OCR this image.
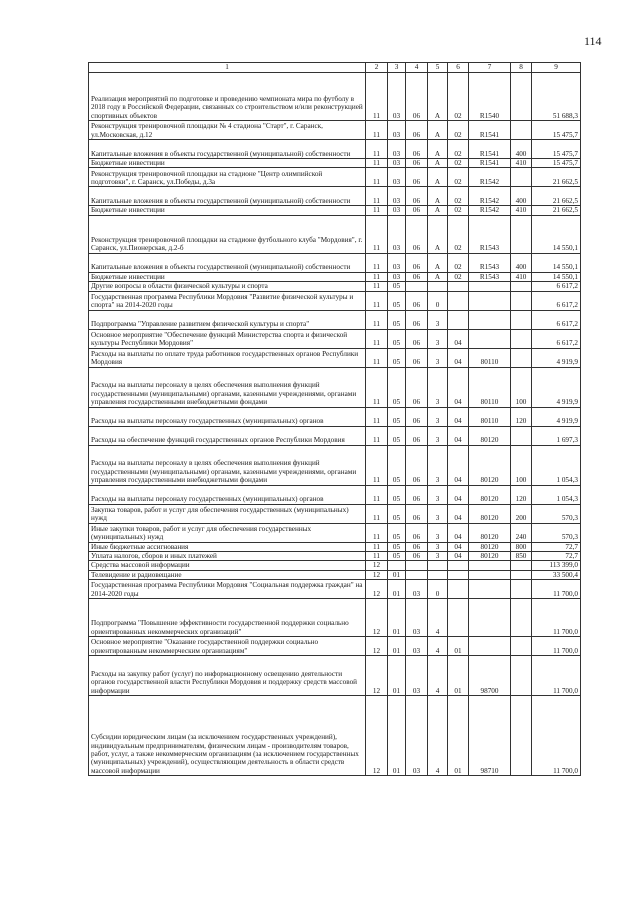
114
1	2	3	4	5	6	7	8	9
Реализация мероприятий по подготовке и проведению чемпионата мира по футболу в 2018 году в Российской Федерации, связанных со строительством и/или реконструкцией спортивных объектов	11	03	06	А	02	R1540		51 688,3
Реконструкция тренировочной площадки № 4 стадиона "Старт", г. Саранск, ул.Московская, д.12	11	03	06	А	02	R1541		15 475,7
Капитальные вложения в объекты государственной (муниципальной) собственности	11	03	06	А	02	R1541	400	15 475,7
Бюджетные инвестиции	11	03	06	А	02	R1541	410	15 475,7
Реконструкция тренировочной площадки на стадионе "Центр олимпийской подготовки", г. Саранск, ул.Победы, д.3а	11	03	06	А	02	R1542		21 662,5
Капитальные вложения в объекты государственной (муниципальной) собственности	11	03	06	А	02	R1542	400	21 662,5
Бюджетные инвестиции	11	03	06	А	02	R1542	410	21 662,5
Реконструкция тренировочной площадки на стадионе футбольного клуба "Мордовия", г. Саранск, ул.Пионерская, д.2-б	11	03	06	А	02	R1543		14 550,1
Капитальные вложения в объекты государственной (муниципальной) собственности	11	03	06	А	02	R1543	400	14 550,1
Бюджетные инвестиции	11	03	06	А	02	R1543	410	14 550,1
Другие вопросы в области физической культуры и спорта	11	05						6 617,2
Государственная программа Республики Мордовия "Развитие физической культуры и спорта" на 2014-2020 годы	11	05	06	0				6 617,2
Подпрограмма "Управление развитием физической культуры и спорта"	11	05	06	3				6 617,2
Основное мероприятие "Обеспечение функций Министерства спорта и физической культуры Республики Мордовия"	11	05	06	3	04			6 617,2
Расходы на выплаты по оплате труда работников государственных органов Республики Мордовия	11	05	06	3	04	80110		4 919,9
Расходы на выплаты персоналу в целях обеспечения выполнения функций государственными (муниципальными) органами, казенными учреждениями, органами управления государственными внебюджетными фондами	11	05	06	3	04	80110	100	4 919,9
Расходы на выплаты персоналу государственных (муниципальных) органов	11	05	06	3	04	80110	120	4 919,9
Расходы на обеспечение функций государственных органов Республики Мордовия	11	05	06	3	04	80120		1 697,3
Расходы на выплаты персоналу в целях обеспечения выполнения функций государственными (муниципальными) органами, казенными учреждениями, органами управления государственными внебюджетными фондами	11	05	06	3	04	80120	100	1 054,3
Расходы на выплаты персоналу государственных (муниципальных) органов	11	05	06	3	04	80120	120	1 054,3
Закупка товаров, работ и услуг для обеспечения государственных (муниципальных) нужд	11	05	06	3	04	80120	200	570,3
Иные закупки товаров, работ и услуг для обеспечения государственных (муниципальных) нужд	11	05	06	3	04	80120	240	570,3
Иные бюджетные ассигнования	11	05	06	3	04	80120	800	72,7
Уплата налогов, сборов и иных платежей	11	05	06	3	04	80120	850	72,7
Средства массовой информации	12							113 399,0
Телевидение и радиовещание	12	01						33 500,4
Государственная программа Республики Мордовия "Социальная поддержка граждан" на 2014-2020 годы	12	01	03	0				11 700,0
Подпрограмма "Повышение эффективности государственной поддержки социально ориентированных некоммерческих организаций"	12	01	03	4				11 700,0
Основное мероприятие "Оказание государственной поддержки социально ориентированным некоммерческим организациям"	12	01	03	4	01			11 700,0
Расходы на закупку работ (услуг) по информационному освещению деятельности органов государственной власти Республики Мордовия и поддержку средств массовой информации	12	01	03	4	01	98700		11 700,0
Субсидии юридическим лицам (за исключением государственных учреждений), индивидуальным предпринимателям, физическим лицам - производителям товаров, работ, услуг, а также некоммерческим организациям (за исключением государственных (муниципальных) учреждений), осуществляющим деятельность в области средств массовой информации	12	01	03	4	01	98710		11 700,0
